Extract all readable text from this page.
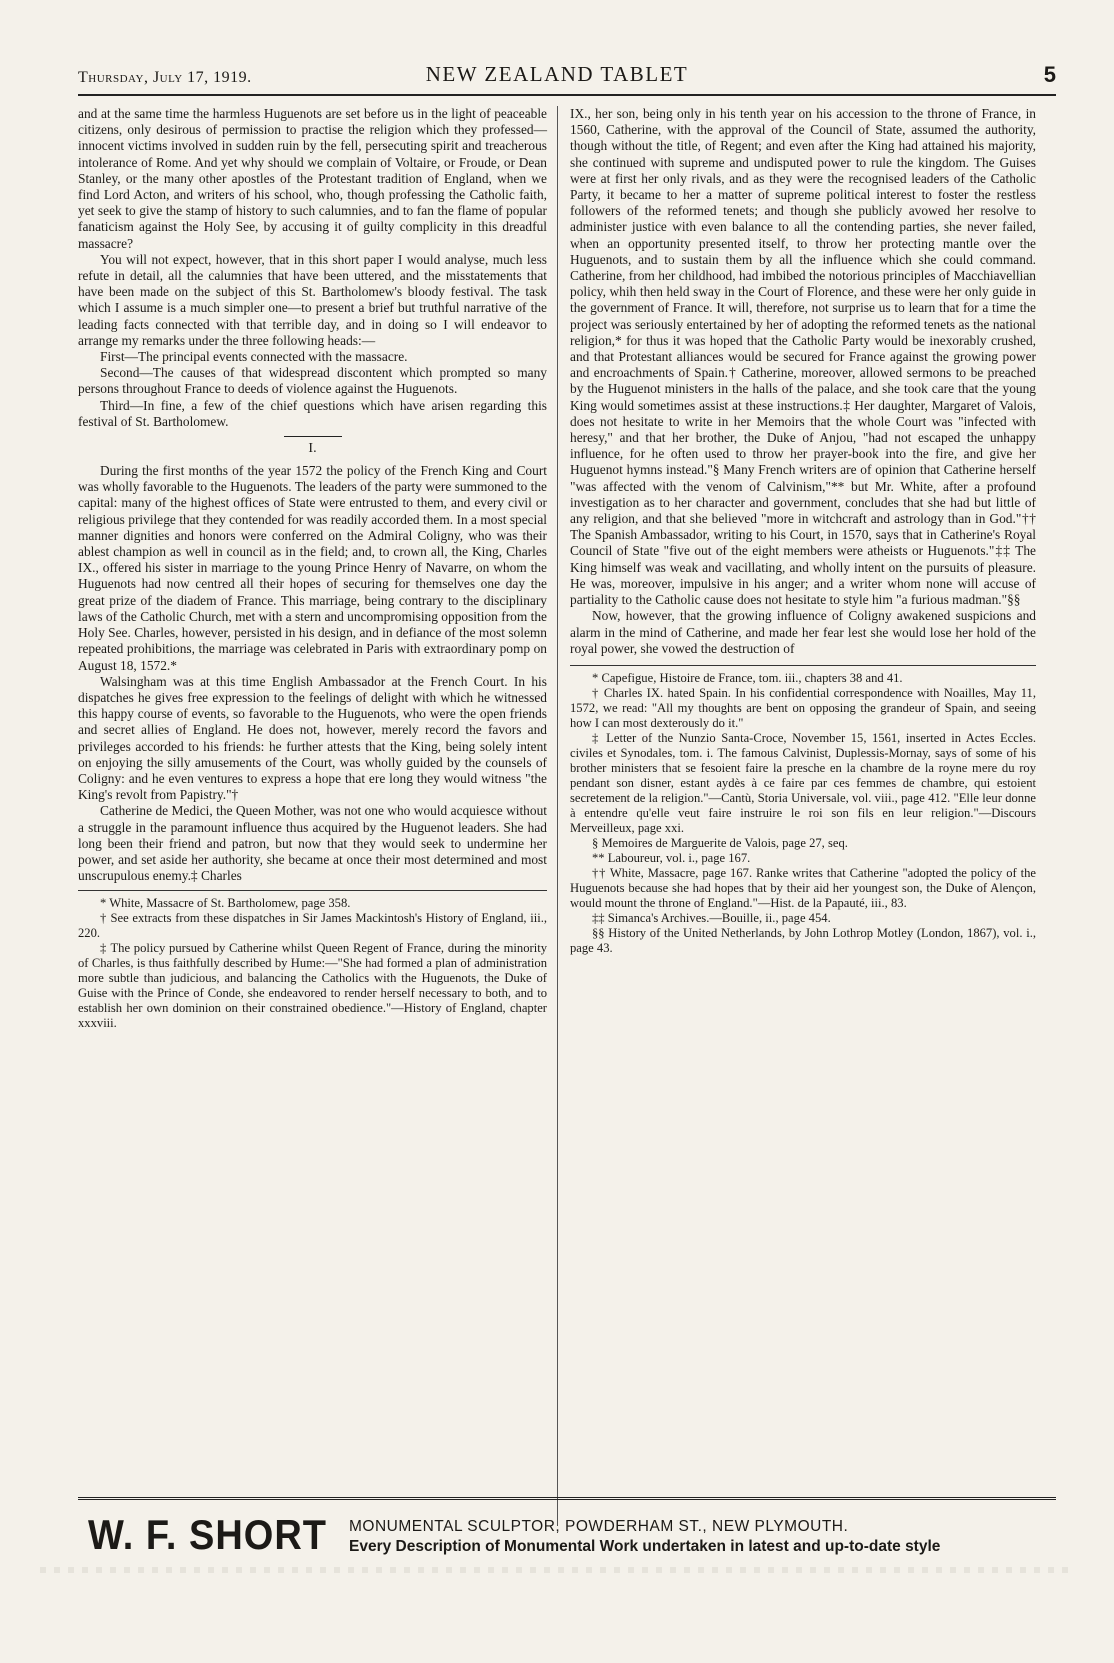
Thursday, July 17, 1919.	5
NEW ZEALAND TABLET

and at the same time the harmless Huguenots are set before us in the light of peaceable citizens, only desirous of permission to practise the religion which they professed—innocent victims involved in sudden ruin by the fell, persecuting spirit and treacherous intolerance of Rome. And yet why should we complain of Voltaire, or Froude, or Dean Stanley, or the many other apostles of the Protestant tradition of England, when we find Lord Acton, and writers of his school, who, though professing the Catholic faith, yet seek to give the stamp of history to such calumnies, and to fan the flame of popular fanaticism against the Holy See, by accusing it of guilty complicity in this dreadful massacre?

You will not expect, however, that in this short paper I would analyse, much less refute in detail, all the calumnies that have been uttered, and the misstatements that have been made on the subject of this St. Bartholomew's bloody festival. The task which I assume is a much simpler one—to present a brief but truthful narrative of the leading facts connected with that terrible day, and in doing so I will endeavor to arrange my remarks under the three following heads:—

First—The principal events connected with the massacre.

Second—The causes of that widespread discontent which prompted so many persons throughout France to deeds of violence against the Huguenots.

Third—In fine, a few of the chief questions which have arisen regarding this festival of St. Bartholomew.

I.

During the first months of the year 1572 the policy of the French King and Court was wholly favorable to the Huguenots. The leaders of the party were summoned to the capital: many of the highest offices of State were entrusted to them, and every civil or religious privilege that they contended for was readily accorded them. In a most special manner dignities and honors were conferred on the Admiral Coligny, who was their ablest champion as well in council as in the field; and, to crown all, the King, Charles IX., offered his sister in marriage to the young Prince Henry of Navarre, on whom the Huguenots had now centred all their hopes of securing for themselves one day the great prize of the diadem of France. This marriage, being contrary to the disciplinary laws of the Catholic Church, met with a stern and uncompromising opposition from the Holy See. Charles, however, persisted in his design, and in defiance of the most solemn repeated prohibitions, the marriage was celebrated in Paris with extraordinary pomp on August 18, 1572.*

Walsingham was at this time English Ambassador at the French Court. In his dispatches he gives free expression to the feelings of delight with which he witnessed this happy course of events, so favorable to the Huguenots, who were the open friends and secret allies of England. He does not, however, merely record the favors and privileges accorded to his friends: he further attests that the King, being solely intent on enjoying the silly amusements of the Court, was wholly guided by the counsels of Coligny: and he even ventures to express a hope that ere long they would witness "the King's revolt from Papistry."†

Catherine de Medici, the Queen Mother, was not one who would acquiesce without a struggle in the paramount influence thus acquired by the Huguenot leaders. She had long been their friend and patron, but now that they would seek to undermine her power, and set aside her authority, she became at once their most determined and most unscrupulous enemy.‡ Charles

* White, Massacre of St. Bartholomew, page 358.

† See extracts from these dispatches in Sir James Mackintosh's History of England, iii., 220.

‡ The policy pursued by Catherine whilst Queen Regent of France, during the minority of Charles, is thus faithfully described by Hume:—"She had formed a plan of administration more subtle than judicious, and balancing the Catholics with the Huguenots, the Duke of Guise with the Prince of Conde, she endeavored to render herself necessary to both, and to establish her own dominion on their constrained obedience."—History of England, chapter xxxviii.

IX., her son, being only in his tenth year on his accession to the throne of France, in 1560, Catherine, with the approval of the Council of State, assumed the authority, though without the title, of Regent; and even after the King had attained his majority, she continued with supreme and undisputed power to rule the kingdom. The Guises were at first her only rivals, and as they were the recognised leaders of the Catholic Party, it became to her a matter of supreme political interest to foster the restless followers of the reformed tenets; and though she publicly avowed her resolve to administer justice with even balance to all the contending parties, she never failed, when an opportunity presented itself, to throw her protecting mantle over the Huguenots, and to sustain them by all the influence which she could command. Catherine, from her childhood, had imbibed the notorious principles of Macchiavellian policy, whih then held sway in the Court of Florence, and these were her only guide in the government of France. It will, therefore, not surprise us to learn that for a time the project was seriously entertained by her of adopting the reformed tenets as the national religion,* for thus it was hoped that the Catholic Party would be inexorably crushed, and that Protestant alliances would be secured for France against the growing power and encroachments of Spain.† Catherine, moreover, allowed sermons to be preached by the Huguenot ministers in the halls of the palace, and she took care that the young King would sometimes assist at these instructions.‡ Her daughter, Margaret of Valois, does not hesitate to write in her Memoirs that the whole Court was "infected with heresy," and that her brother, the Duke of Anjou, "had not escaped the unhappy influence, for he often used to throw her prayer-book into the fire, and give her Huguenot hymns instead."§ Many French writers are of opinion that Catherine herself "was affected with the venom of Calvinism,"** but Mr. White, after a profound investigation as to her character and government, concludes that she had but little of any religion, and that she believed "more in witchcraft and astrology than in God."†† The Spanish Ambassador, writing to his Court, in 1570, says that in Catherine's Royal Council of State "five out of the eight members were atheists or Huguenots."‡‡ The King himself was weak and vacillating, and wholly intent on the pursuits of pleasure. He was, moreover, impulsive in his anger; and a writer whom none will accuse of partiality to the Catholic cause does not hesitate to style him "a furious madman."§§

Now, however, that the growing influence of Coligny awakened suspicions and alarm in the mind of Catherine, and made her fear lest she would lose her hold of the royal power, she vowed the destruction of

* Capefigue, Histoire de France, tom. iii., chapters 38 and 41.

† Charles IX. hated Spain. In his confidential correspondence with Noailles, May 11, 1572, we read: "All my thoughts are bent on opposing the grandeur of Spain, and seeing how I can most dexterously do it."

‡ Letter of the Nunzio Santa-Croce, November 15, 1561, inserted in Actes Eccles. civiles et Synodales, tom. i. The famous Calvinist, Duplessis-Mornay, says of some of his brother ministers that se fesoient faire la presche en la chambre de la royne mere du roy pendant son disner, estant aydès à ce faire par ces femmes de chambre, qui estoient secretement de la religion."—Cantù, Storia Universale, vol. viii., page 412. "Elle leur donne à entendre qu'elle veut faire instruire le roi son fils en leur religion."—Discours Merveilleux, page xxi.

§ Memoires de Marguerite de Valois, page 27, seq.

** Laboureur, vol. i., page 167.

†† White, Massacre, page 167. Ranke writes that Catherine "adopted the policy of the Huguenots because she had hopes that by their aid her youngest son, the Duke of Alençon, would mount the throne of England."—Hist. de la Papauté, iii., 83.

‡‡ Simanca's Archives.—Bouille, ii., page 454.

§§ History of the United Netherlands, by John Lothrop Motley (London, 1867), vol. i., page 43.

W. F. SHORT MONUMENTAL SCULPTOR, POWDERHAM ST., NEW PLYMOUTH.
Every Description of Monumental Work undertaken in latest and up-to-date style
